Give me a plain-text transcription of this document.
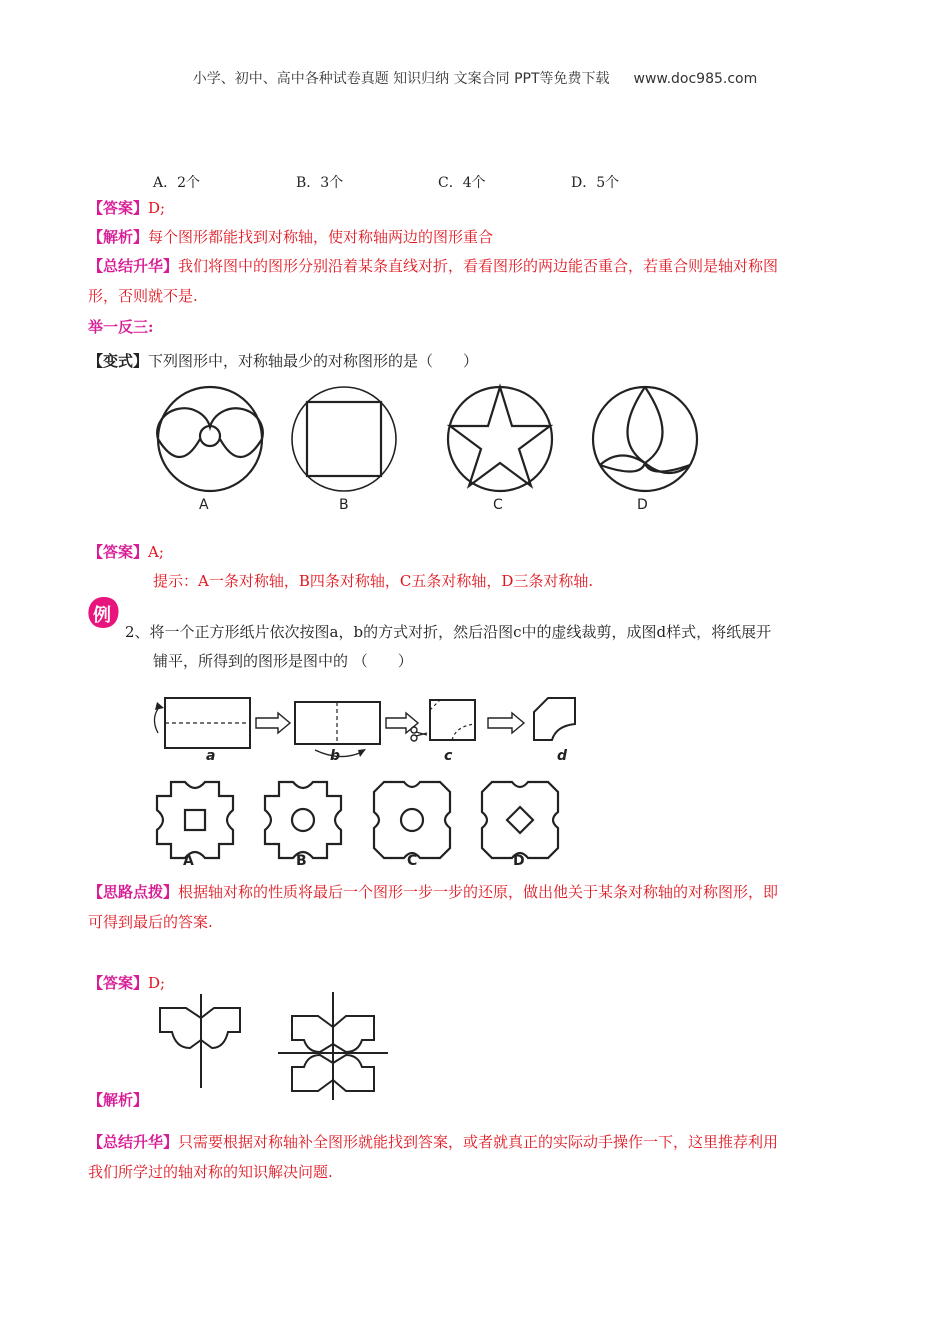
小学、初中、高中各种试卷真题 知识归纳 文案合同 PPT等免费下载 www.doc985.com
A．2个	B．3个	C．4个	D．5个
【答案】D;
【解析】每个图形都能找到对称轴，使对称轴两边的图形重合
【总结升华】我们将图中的图形分别沿着某条直线对折，看看图形的两边能否重合，若重合则是轴对称图
形，否则就不是.
举一反三:
【变式】下列图形中，对称轴最少的对称图形的是（　　）
A	B	C	D
【答案】A;
提示：A一条对称轴，B四条对称轴，C五条对称轴，D三条对称轴.
例
2、将一个正方形纸片依次按图a，b的方式对折，然后沿图c中的虚线裁剪，成图d样式，将纸展开
铺平，所得到的图形是图中的 （　　）
a	b	c	d
A	B	C	D
【思路点拨】根据轴对称的性质将最后一个图形一步一步的还原，做出他关于某条对称轴的对称图形，即
可得到最后的答案.
【答案】D;
【解析】
【总结升华】只需要根据对称轴补全图形就能找到答案，或者就真正的实际动手操作一下，这里推荐利用
我们所学过的轴对称的知识解决问题.
